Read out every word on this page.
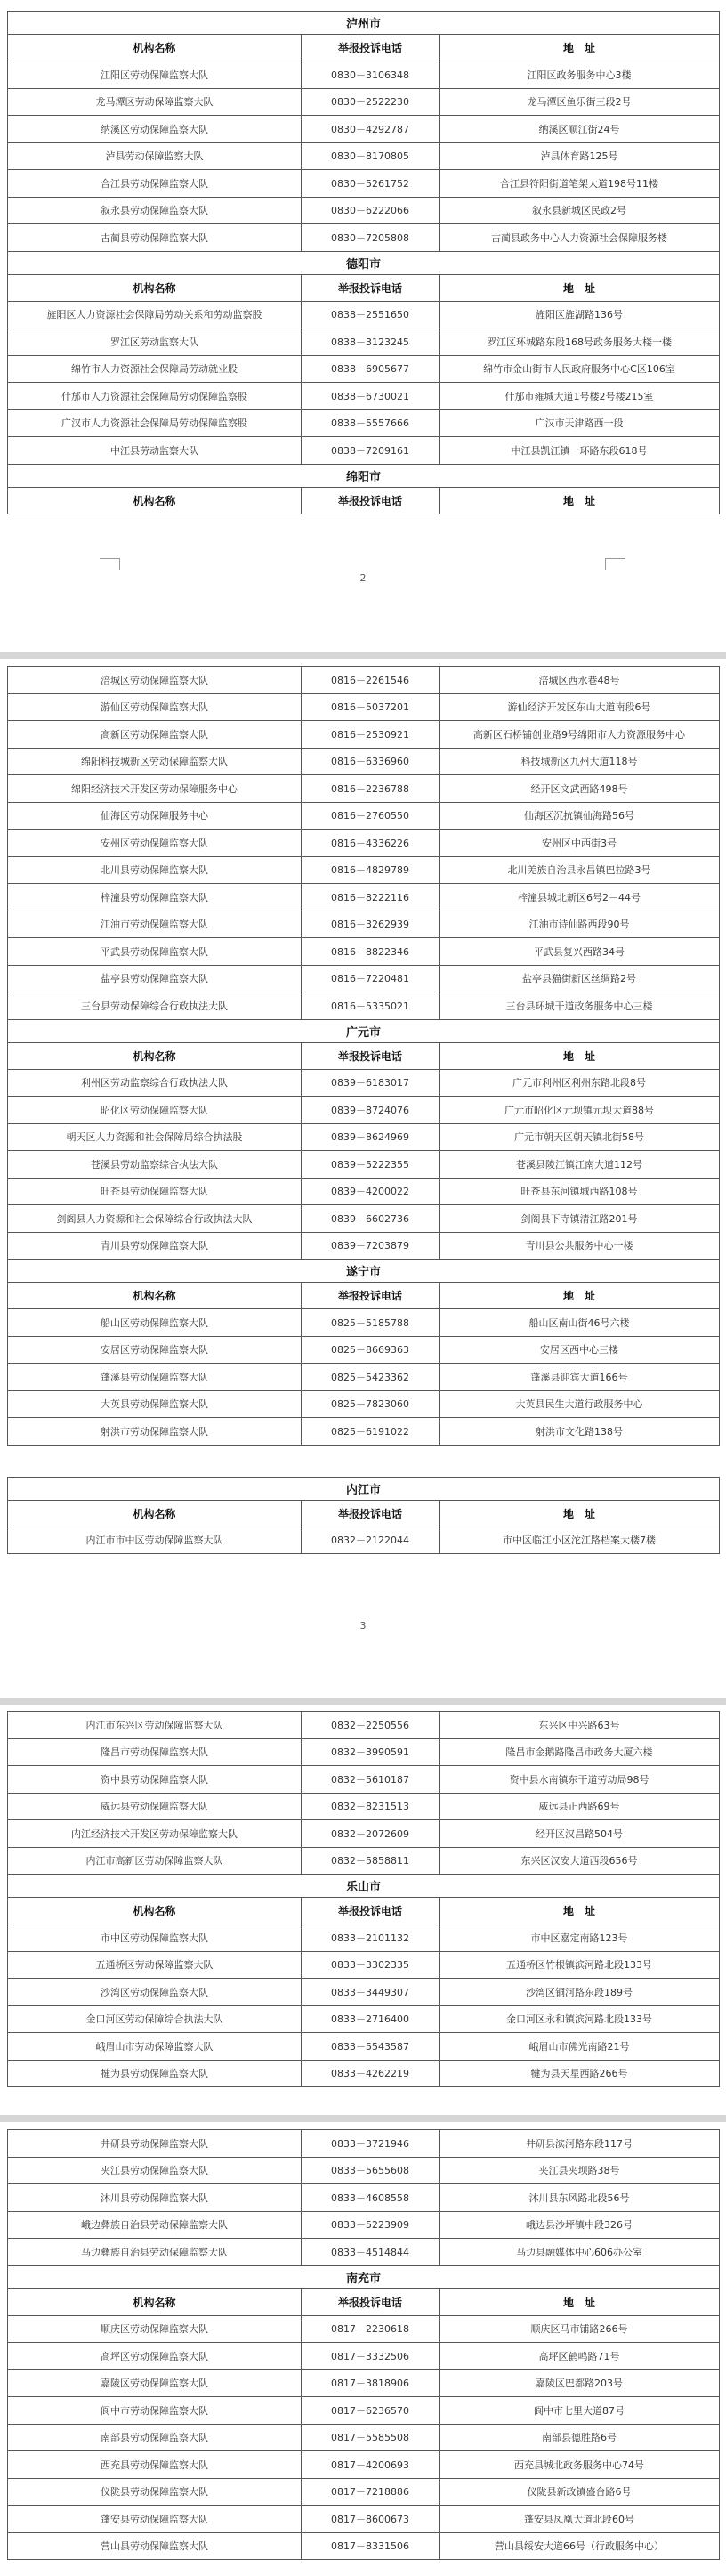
泸州市		
机构名称	举报投诉电话	地　址
江阳区劳动保障监察大队	0830－3106348	江阳区政务服务中心3楼
龙马潭区劳动保障监察大队	0830－2522230	龙马潭区鱼乐街三段2号
纳溪区劳动保障监察大队	0830－4292787	纳溪区顺江街24号
泸县劳动保障监察大队	0830－8170805	泸县体育路125号
合江县劳动保障监察大队	0830－5261752	合江县符阳街道笔架大道198号11楼
叙永县劳动保障监察大队	0830－6222066	叙永县新城区民政2号
古蔺县劳动保障监察大队	0830－7205808	古蔺县政务中心人力资源社会保障服务楼
德阳市		
机构名称	举报投诉电话	地　址
旌阳区人力资源社会保障局劳动关系和劳动监察股	0838－2551650	旌阳区旌湖路136号
罗江区劳动监察大队	0838－3123245	罗江区环城路东段168号政务服务大楼一楼
绵竹市人力资源社会保障局劳动就业股	0838－6905677	绵竹市金山街市人民政府服务中心C区106室
什邡市人力资源社会保障局劳动保障监察股	0838－6730021	什邡市雍城大道1号楼2号楼215室
广汉市人力资源社会保障局劳动保障监察股	0838－5557666	广汉市天津路西一段
中江县劳动监察大队	0838－7209161	中江县凯江镇一环路东段618号
绵阳市		
机构名称	举报投诉电话	地　址
2
涪城区劳动保障监察大队	0816－2261546	涪城区西水巷48号
游仙区劳动保障监察大队	0816－5037201	游仙经济开发区东山大道南段6号
高新区劳动保障监察大队	0816－2530921	高新区石桥铺创业路9号绵阳市人力资源服务中心
绵阳科技城新区劳动保障监察大队	0816－6336960	科技城新区九州大道118号
绵阳经济技术开发区劳动保障服务中心	0816－2236788	经开区文武西路498号
仙海区劳动保障服务中心	0816－2760550	仙海区沉抗镇仙海路56号
安州区劳动保障监察大队	0816－4336226	安州区中西街3号
北川县劳动保障监察大队	0816－4829789	北川羌族自治县永昌镇巴拉路3号
梓潼县劳动保障监察大队	0816－8222116	梓潼县城北新区6号2－44号
江油市劳动保障监察大队	0816－3262939	江油市诗仙路西段90号
平武县劳动保障监察大队	0816－8822346	平武县复兴西路34号
盐亭县劳动保障监察大队	0816－7220481	盐亭县猫街新区丝绸路2号
三台县劳动保障综合行政执法大队	0816－5335021	三台县环城干道政务服务中心三楼
广元市		
机构名称	举报投诉电话	地　址
利州区劳动监察综合行政执法大队	0839－6183017	广元市利州区利州东路北段8号
昭化区劳动保障监察大队	0839－8724076	广元市昭化区元坝镇元坝大道88号
朝天区人力资源和社会保障局综合执法股	0839－8624969	广元市朝天区朝天镇北街58号
苍溪县劳动监察综合执法大队	0839－5222355	苍溪县陵江镇江南大道112号
旺苍县劳动保障监察大队	0839－4200022	旺苍县东河镇城西路108号
剑阁县人力资源和社会保障综合行政执法大队	0839－6602736	剑阁县下寺镇清江路201号
青川县劳动保障监察大队	0839－7203879	青川县公共服务中心一楼
遂宁市		
机构名称	举报投诉电话	地　址
船山区劳动保障监察大队	0825－5185788	船山区南山街46号六楼
安居区劳动保障监察大队	0825－8669363	安居区西中心三楼
蓬溪县劳动保障监察大队	0825－5423362	蓬溪县迎宾大道166号
大英县劳动保障监察大队	0825－7823060	大英县民生大道行政服务中心
射洪市劳动保障监察大队	0825－6191022	射洪市文化路138号

内江市		
机构名称	举报投诉电话	地　址
内江市市中区劳动保障监察大队	0832－2122044	市中区临江小区沱江路档案大楼7楼
3
内江市东兴区劳动保障监察大队	0832－2250556	东兴区中兴路63号
隆昌市劳动保障监察大队	0832－3990591	隆昌市金鹅路隆昌市政务大厦六楼
资中县劳动保障监察大队	0832－5610187	资中县水南镇东干道劳动局98号
威远县劳动保障监察大队	0832－8231513	威远县正西路69号
内江经济技术开发区劳动保障监察大队	0832－2072609	经开区汉昌路504号
内江市高新区劳动保障监察大队	0832－5858811	东兴区汉安大道西段656号
乐山市		
机构名称	举报投诉电话	地　址
市中区劳动保障监察大队	0833－2101132	市中区嘉定南路123号
五通桥区劳动保障监察大队	0833－3302335	五通桥区竹根镇滨河路北段133号
沙湾区劳动保障监察大队	0833－3449307	沙湾区铜河路东段189号
金口河区劳动保障综合执法大队	0833－2716400	金口河区永和镇滨河路北段133号
峨眉山市劳动保障监察大队	0833－5543587	峨眉山市佛光南路21号
犍为县劳动保障监察大队	0833－4262219	犍为县天星西路266号
井研县劳动保障监察大队	0833－3721946	井研县滨河路东段117号
夹江县劳动保障监察大队	0833－5655608	夹江县夹坝路38号
沐川县劳动保障监察大队	0833－4608558	沐川县东风路北段56号
峨边彝族自治县劳动保障监察大队	0833－5223909	峨边县沙坪镇中段326号
马边彝族自治县劳动保障监察大队	0833－4514844	马边县融媒体中心606办公室
南充市		
机构名称	举报投诉电话	地　址
顺庆区劳动保障监察大队	0817－2230618	顺庆区马市铺路266号
高坪区劳动保障监察大队	0817－3332506	高坪区鹤鸣路71号
嘉陵区劳动保障监察大队	0817－3818906	嘉陵区巴都路203号
阆中市劳动保障监察大队	0817－6236570	阆中市七里大道87号
南部县劳动保障监察大队	0817－5585508	南部县德胜路6号
西充县劳动保障监察大队	0817－4200693	西充县城北政务服务中心74号
仪陇县劳动保障监察大队	0817－7218886	仪陇县新政镇盛台路6号
蓬安县劳动保障监察大队	0817－8600673	蓬安县凤凰大道北段60号
营山县劳动保障监察大队	0817－8331506	营山县绥安大道66号（行政服务中心）
